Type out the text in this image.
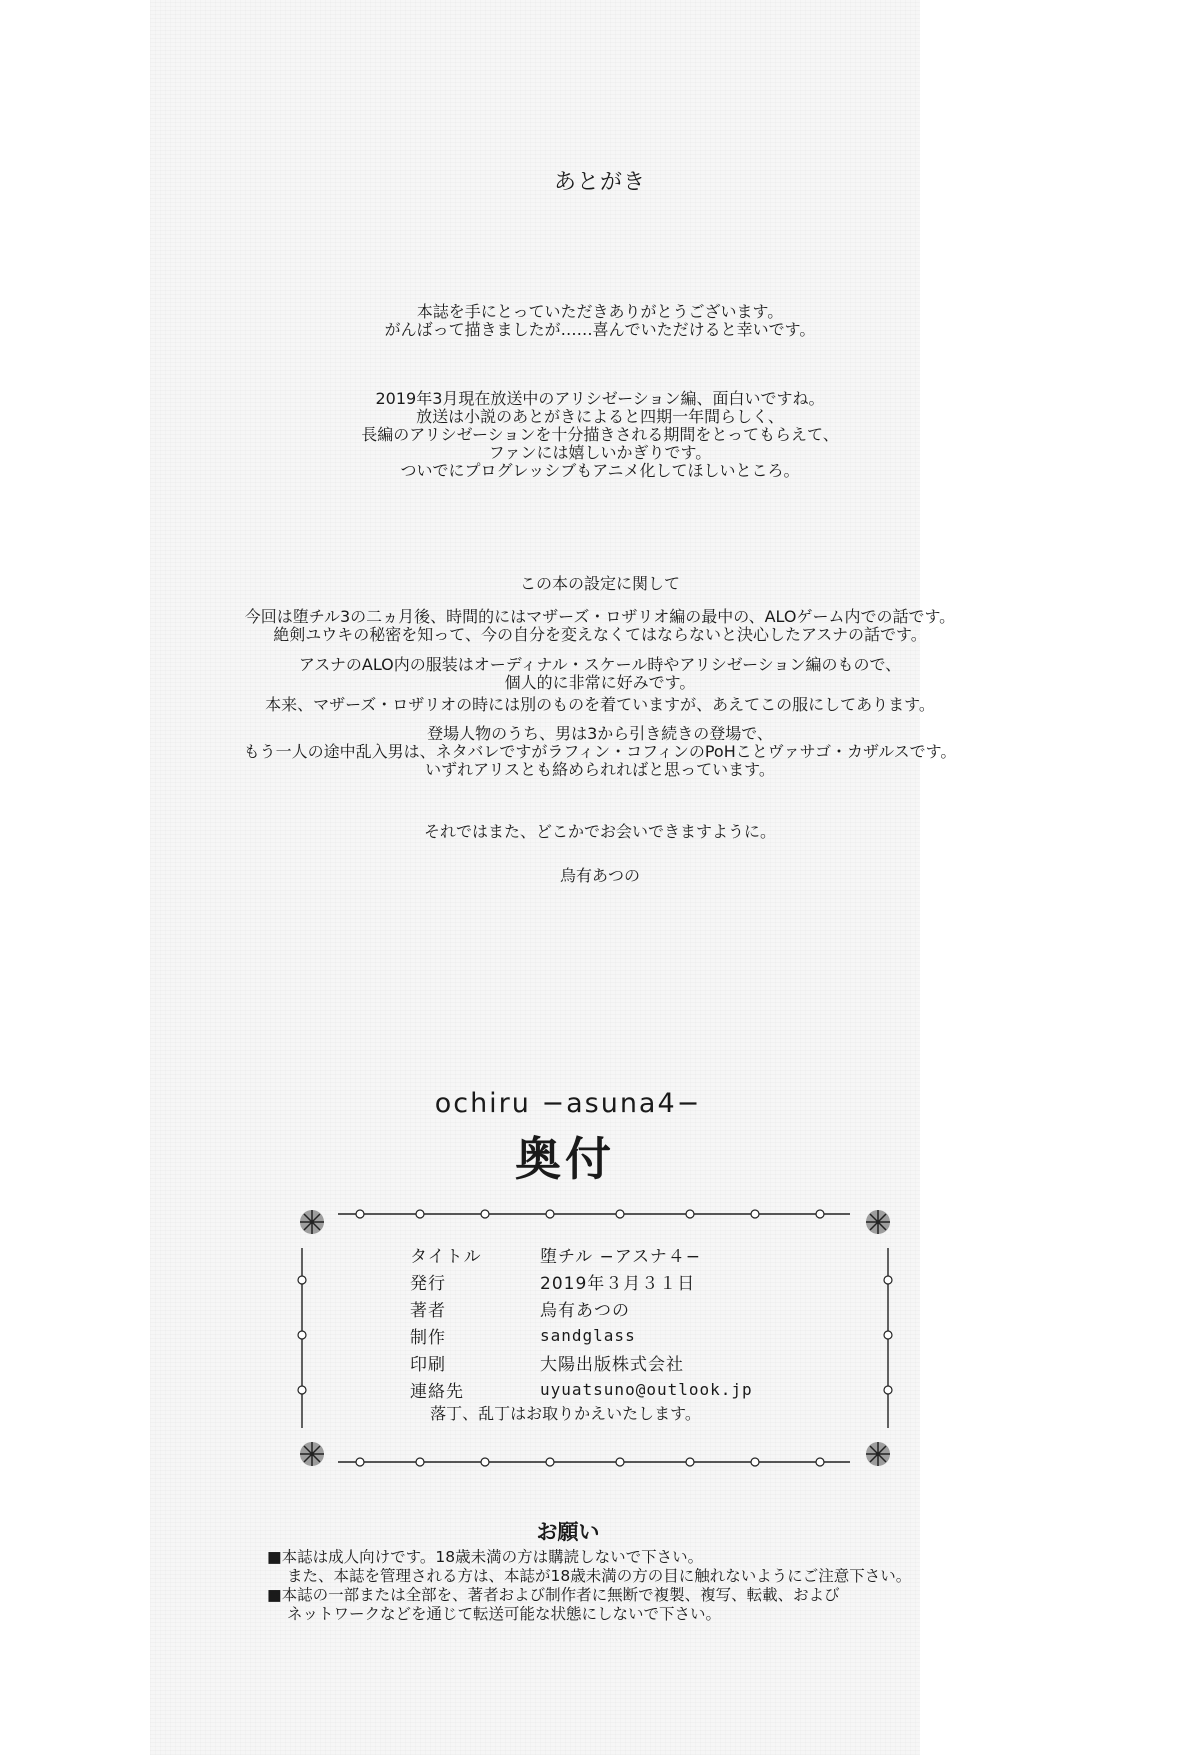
あとがき
本誌を手にとっていただきありがとうございます。
がんばって描きましたが……喜んでいただけると幸いです。
2019年3月現在放送中のアリシゼーション編、面白いですね。
放送は小説のあとがきによると四期一年間らしく、
長編のアリシゼーションを十分描きされる期間をとってもらえて、
ファンには嬉しいかぎりです。
ついでにプログレッシブもアニメ化してほしいところ。
この本の設定に関して
今回は堕チル3の二ヵ月後、時間的にはマザーズ・ロザリオ編の最中の、ALOゲーム内での話です。
絶剣ユウキの秘密を知って、今の自分を変えなくてはならないと決心したアスナの話です。
アスナのALO内の服装はオーディナル・スケール時やアリシゼーション編のもので、
個人的に非常に好みです。
本来、マザーズ・ロザリオの時には別のものを着ていますが、あえてこの服にしてあります。
登場人物のうち、男は3から引き続きの登場で、
もう一人の途中乱入男は、ネタバレですがラフィン・コフィンのPoHことヴァサゴ・カザルスです。
いずれアリスとも絡められればと思っています。
それではまた、どこかでお会いできますように。
烏有あつの
ochiru −asuna4−
奥付
タイトル	堕チル −アスナ４−
発行	2019年３月３１日
著者	烏有あつの
制作	sandglass
印刷	大陽出版株式会社
連絡先	uyuatsuno@outlook.jp
落丁、乱丁はお取りかえいたします。
お願い
■本誌は成人向けです。18歳未満の方は購読しないで下さい。
また、本誌を管理される方は、本誌が18歳未満の方の目に触れないようにご注意下さい。
■本誌の一部または全部を、著者および制作者に無断で複製、複写、転載、および
ネットワークなどを通じて転送可能な状態にしないで下さい。
